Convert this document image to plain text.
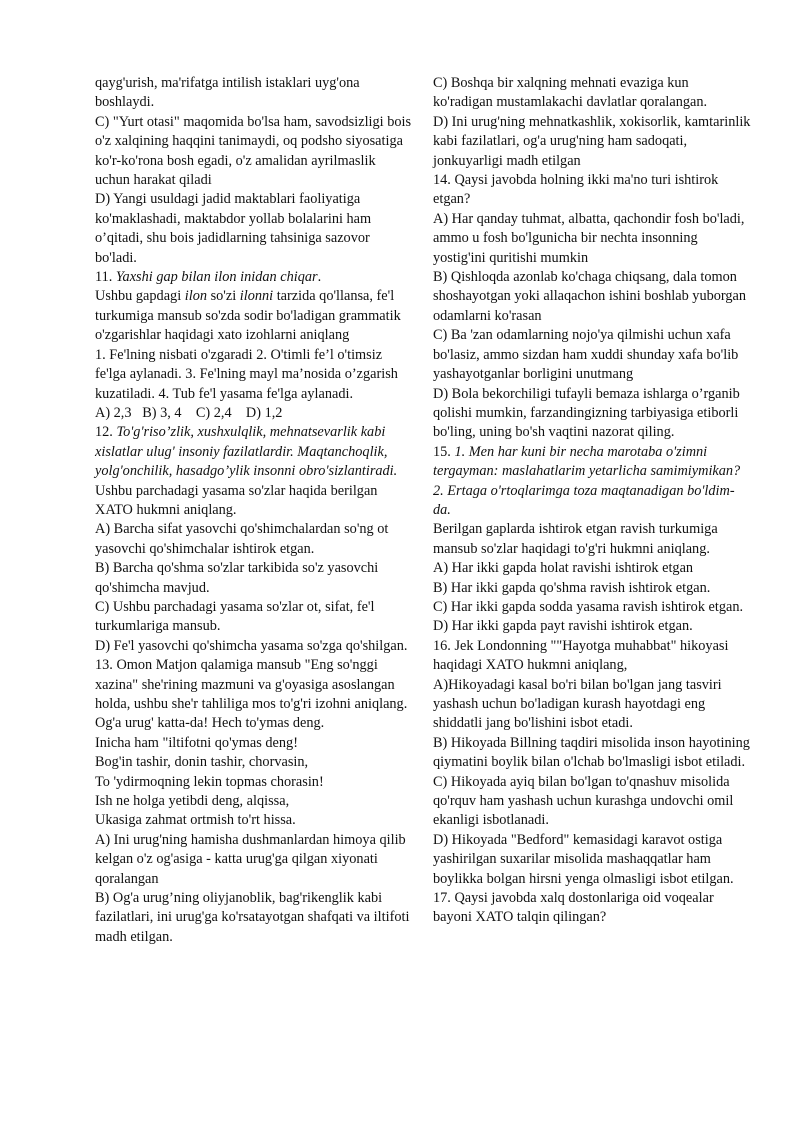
qayg'urish, ma'rifatga intilish istaklari uyg'ona boshlaydi.

C) "Yurt otasi" maqomida bo'lsa ham, savodsizligi bois o'z xalqining haqqini tanimaydi, oq podsho siyosatiga ko'r-ko'rona bosh egadi, o'z amalidan ayrilmaslik uchun harakat qiladi

D) Yangi usuldagi jadid maktablari faoliyatiga ko'maklashadi, maktabdor yollab bolalarini ham o’qitadi, shu bois jadidlarning tahsiniga sazovor bo'ladi.

11. Yaxshi gap bilan ilon inidan chiqar.
Ushbu gapdagi ilon so'zi ilonni tarzida qo'llansa, fe'l turkumiga mansub so'zda sodir bo'ladigan grammatik o'zgarishlar haqidagi xato izohlarni aniqlang

1. Fe'lning nisbati o'zgaradi 2. O'timli fe’l o'timsiz fe'lga aylanadi. 3. Fe'lning mayl ma’nosida o’zgarish kuzatiladi. 4. Tub fe'l yasama fe'lga aylanadi.

A) 2,3   B) 3, 4    C) 2,4    D) 1,2

12. To'g'riso’zlik, xushxulqlik, mehnatsevarlik kabi xislatlar ulug' insoniy fazilatlardir. Maqtanchoqlik, yolg'onchilik, hasadgo’ylik insonni obro'sizlantiradi. Ushbu parchadagi yasama so'zlar haqida berilgan XATO hukmni aniqlang.

A) Barcha sifat yasovchi qo'shimchalardan so'ng ot yasovchi qo'shimchalar ishtirok etgan.

B) Barcha qo'shma so'zlar tarkibida so'z yasovchi qo'shimcha mavjud.

C) Ushbu parchadagi yasama so'zlar ot, sifat, fe'l turkumlariga mansub.

D) Fe'l yasovchi qo'shimcha yasama so'zga qo'shilgan.

13. Omon Matjon qalamiga mansub "Eng so'nggi xazina" she'rining mazmuni va g'oyasiga asoslangan holda, ushbu she'r tahliliga mos to'g'ri izohni aniqlang.

Og'a urug' katta-da! Hech to'ymas deng.

Inicha ham "iltifotni qo'ymas deng!

Bog'in tashir, donin tashir, chorvasin,

To 'ydirmoqning lekin topmas chorasin!

Ish ne holga yetibdi deng, alqissa,

Ukasiga zahmat ortmish to'rt hissa.

A) Ini urug'ning hamisha dushmanlardan himoya qilib kelgan o'z og'asiga - katta urug'ga qilgan xiyonati qoralangan

B) Og'a urug’ning oliyjanoblik, bag'rikenglik kabi fazilatlari, ini urug'ga ko'rsatayotgan shafqati va iltifoti madh etilgan.

C) Boshqa bir xalqning mehnati evaziga kun ko'radigan mustamlakachi davlatlar qoralangan.

D) Ini urug'ning mehnatkashlik, xokisorlik, kamtarinlik kabi fazilatlari, og'a urug'ning ham sadoqati, jonkuyarligi madh etilgan

14. Qaysi javobda holning ikki ma'no turi ishtirok etgan?

A) Har qanday tuhmat, albatta, qachondir fosh bo'ladi, ammo u fosh bo'lgunicha bir nechta insonning yostig'ini quritishi mumkin

B) Qishloqda azonlab ko'chaga chiqsang, dala tomon shoshayotgan yoki allaqachon ishini boshlab yuborgan odamlarni ko'rasan

C) Ba 'zan odamlarning nojo'ya qilmishi uchun xafa bo'lasiz, ammo sizdan ham xuddi shunday xafa bo'lib yashayotganlar borligini unutmang

D) Bola bekorchiligi tufayli bemaza ishlarga o’rganib qolishi mumkin, farzandingizning tarbiyasiga etiborli bo'ling, uning bo'sh vaqtini nazorat qiling.

15. 1. Men har kuni bir necha marotaba o'zimni tergayman: maslahatlarim yetarlicha samimiymikan?

2. Ertaga o'rtoqlarimga toza maqtanadigan bo'ldim-da.

Berilgan gaplarda ishtirok etgan ravish turkumiga mansub so'zlar haqidagi to'g'ri hukmni aniqlang.

A) Har ikki gapda holat ravishi ishtirok etgan

B) Har ikki gapda qo'shma ravish ishtirok etgan.

C) Har ikki gapda sodda yasama ravish ishtirok etgan.

D) Har ikki gapda payt ravishi ishtirok etgan.

16. Jek Londonning ""Hayotga muhabbat" hikoyasi haqidagi XATO hukmni aniqlang,

A)Hikoyadagi kasal bo'ri bilan bo'lgan jang tasviri yashash uchun bo'ladigan kurash hayotdagi eng shiddatli jang bo'lishini isbot etadi.

B) Hikoyada Billning taqdiri misolida inson hayotining qiymatini boylik bilan o'lchab bo'lmasligi isbot etiladi.

C) Hikoyada ayiq bilan bo'lgan to'qnashuv misolida qo'rquv ham yashash uchun kurashga undovchi omil ekanligi isbotlanadi.

D) Hikoyada "Bedford" kemasidagi karavot ostiga yashirilgan suxarilar misolida mashaqqatlar ham boylikka bolgan hirsni yenga olmasligi isbot etilgan.

17. Qaysi javobda xalq dostonlariga oid voqealar bayoni XATO talqin qilingan?
